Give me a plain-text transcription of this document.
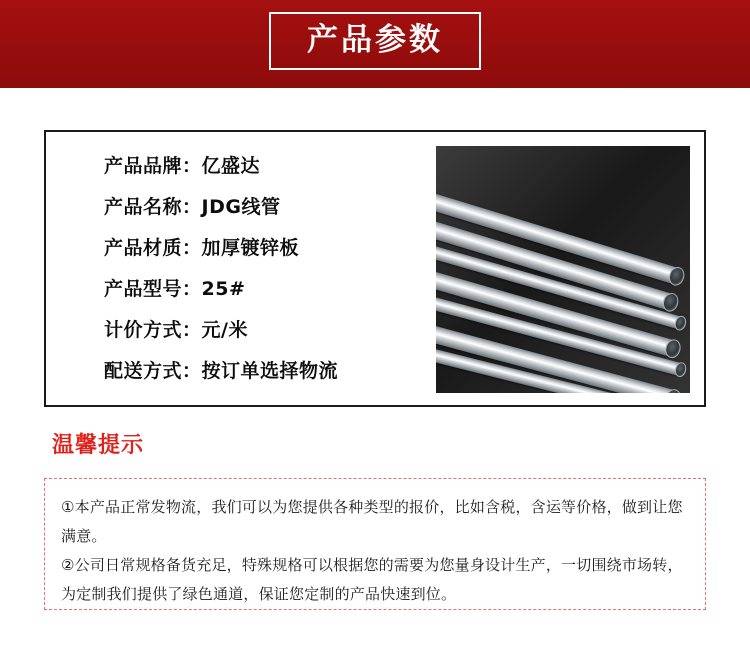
产品参数
产品品牌： 亿盛达
产品名称： JDG线管
产品材质： 加厚镀锌板
产品型号： 25#
计价方式： 元/米
配送方式： 按订单选择物流
温馨提示
①本产品正常发物流，我们可以为您提供各种类型的报价，比如含税，含运等价格，做到让您满意。
②公司日常规格备货充足，特殊规格可以根据您的需要为您量身设计生产，一切围绕市场转，为定制我们提供了绿色通道，保证您定制的产品快速到位。
